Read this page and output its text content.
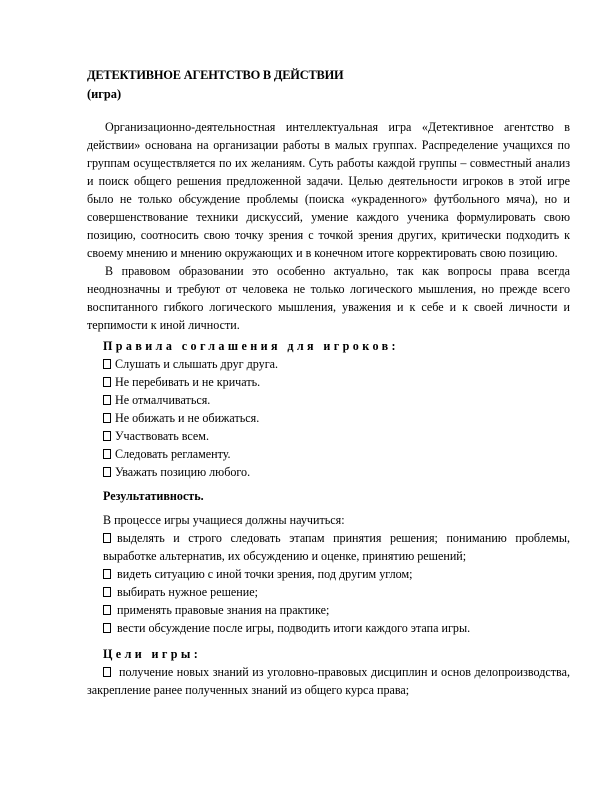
ДЕТЕКТИВНОЕ АГЕНТСТВО В ДЕЙСТВИИ

(игра)

Организационно-деятельностная интеллектуальная игра «Детективное агентство в действии» основана на организации работы в малых группах. Распределение учащихся по группам осуществляется по их желаниям. Суть работы каждой группы – совместный анализ и поиск общего решения предложенной задачи. Целью деятельности игроков в этой игре было не только обсуждение проблемы (поиска «украденного» футбольного мяча), но и совершенствование техники дискуссий, умение каждого ученика формулировать свою позицию, соотносить свою точку зрения с точкой зрения других, критически подходить к своему мнению и мнению окружающих и в конечном итоге корректировать свою позицию.

В правовом образовании это особенно актуально, так как вопросы права всегда неоднозначны и требуют от человека не только логического мышления, но прежде всего воспитанного гибкого логического мышления, уважения и к себе и к своей личности и терпимости к иной личности.

Правила соглашения для игроков:
Слушать и слышать друг друга.
Не перебивать и не кричать.
Не отмалчиваться.
Не обижать и не обижаться.
Участвовать всем.
Следовать регламенту.
Уважать позицию любого.
Результативность.
В процессе игры учащиеся должны научиться:

выделять и строго следовать этапам принятия решения; пониманию проблемы, выработке альтернатив, их обсуждению и оценке, принятию решений;

видеть ситуацию с иной точки зрения, под другим углом;
выбирать нужное решение;
применять правовые знания на практике;
вести обсуждение после игры, подводить итоги каждого этапа игры.
Цели игры:

получение новых знаний из уголовно-правовых дисциплин и основ делопроизводства, закрепление ранее полученных знаний из общего курса права;
